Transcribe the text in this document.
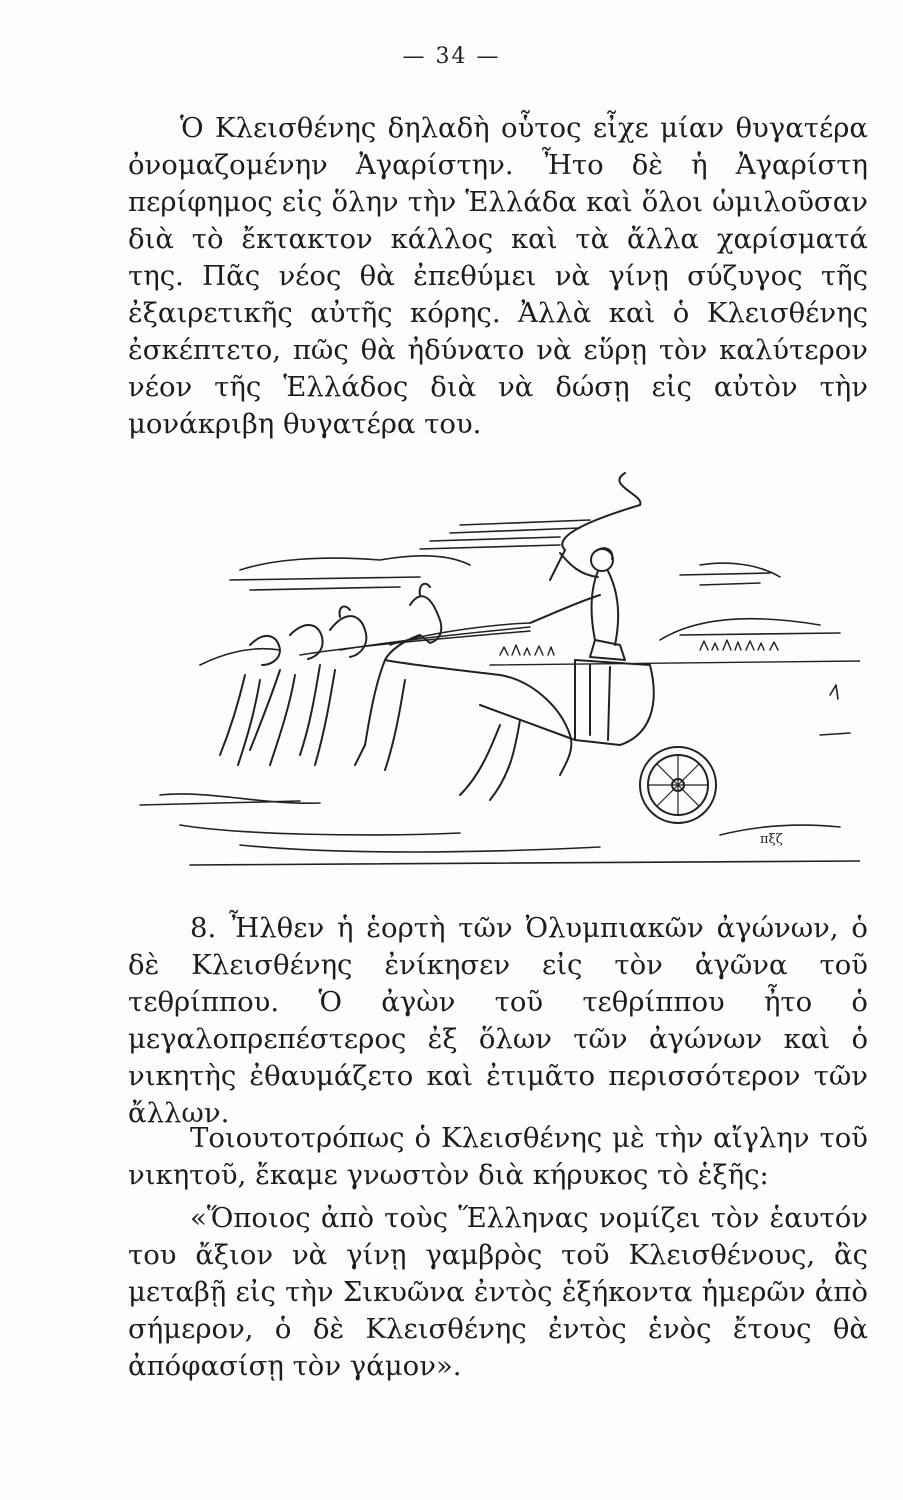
— 34 —

Ὁ Κλεισθένης δηλαδὴ οὗτος εἶχε μίαν θυγατέρα ὀνομαζομένην Ἀγαρίστην. Ἦτο δὲ ἡ Ἀγαρίστη περίφημος εἰς ὅλην τὴν Ἑλλάδα καὶ ὅλοι ὡμιλοῦσαν διὰ τὸ ἔκτακτον κάλλος καὶ τὰ ἄλλα χαρίσματά της. Πᾶς νέος θὰ ἐπεθύμει νὰ γίνῃ σύζυγος τῆς ἐξαιρετικῆς αὐτῆς κόρης. Ἀλλὰ καὶ ὁ Κλεισθένης ἐσκέπτετο, πῶς θὰ ἠδύνατο νὰ εὕρῃ τὸν καλύτερον νέον τῆς Ἑλλάδος διὰ νὰ δώσῃ εἰς αὐτὸν τὴν μονάκριβη θυγατέρα του.

πξζ

8. Ἦλθεν ἡ ἑορτὴ τῶν Ὀλυμπιακῶν ἀγώνων, ὁ δὲ Κλεισθένης ἐνίκησεν εἰς τὸν ἀγῶνα τοῦ τεθρίππου. Ὁ ἀγὼν τοῦ τεθρίππου ἦτο ὁ μεγαλοπρεπέστερος ἐξ ὅλων τῶν ἀγώνων καὶ ὁ νικητὴς ἐθαυμάζετο καὶ ἐτιμᾶτο περισσότερον τῶν ἄλλων.

Τοιουτοτρόπως ὁ Κλεισθένης μὲ τὴν αἴγλην τοῦ νικητοῦ, ἔκαμε γνωστὸν διὰ κήρυκος τὸ ἑξῆς:

«Ὅποιος ἀπὸ τοὺς Ἕλληνας νομίζει τὸν ἑαυτόν του ἄξιον νὰ γίνῃ γαμβρὸς τοῦ Κλεισθένους, ἂς μεταβῇ εἰς τὴν Σικυῶνα ἐντὸς ἑξήκοντα ἡμερῶν ἀπὸ σήμερον, ὁ δὲ Κλεισθένης ἐντὸς ἑνὸς ἔτους θὰ ἀπόφασίσῃ τὸν γάμον».
